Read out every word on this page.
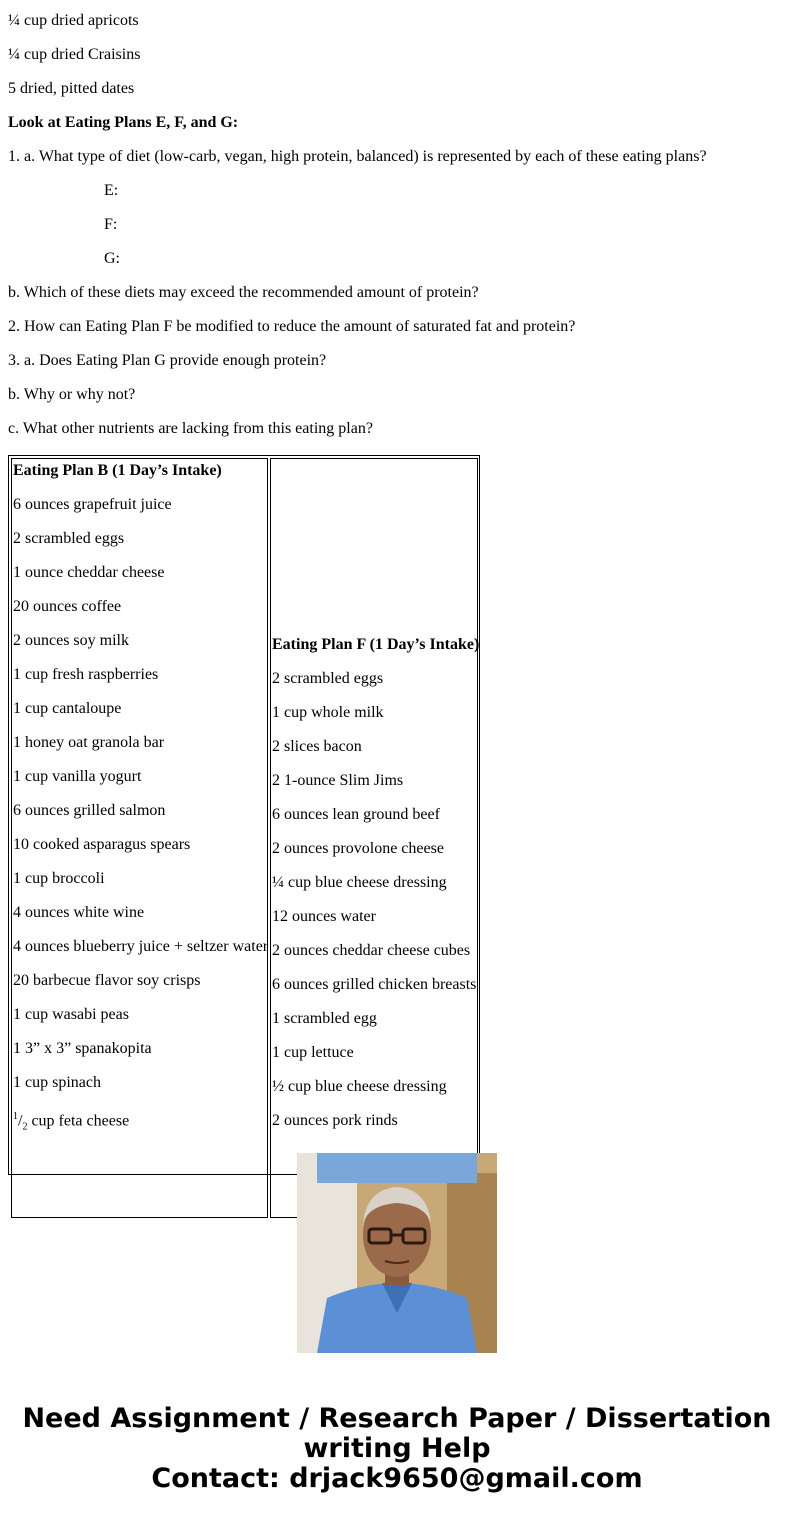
¼ cup dried apricots
¼ cup dried Craisins
5 dried, pitted dates
Look at Eating Plans E, F, and G:
1. a. What type of diet (low-carb, vegan, high protein, balanced) is represented by each of these eating plans?
E:
F:
G:
b. Which of these diets may exceed the recommended amount of protein?
2. How can Eating Plan F be modified to reduce the amount of saturated fat and protein?
3. a. Does Eating Plan G provide enough protein?
b. Why or why not?
c. What other nutrients are lacking from this eating plan?
Eating Plan B (1 Day’s Intake)
6 ounces grapefruit juice
2 scrambled eggs
1 ounce cheddar cheese
20 ounces coffee
2 ounces soy milk
1 cup fresh raspberries
1 cup cantaloupe
1 honey oat granola bar
1 cup vanilla yogurt
6 ounces grilled salmon
10 cooked asparagus spears
1 cup broccoli
4 ounces white wine
4 ounces blueberry juice + seltzer water
20 barbecue flavor soy crisps
1 cup wasabi peas
1 3” x 3” spanakopita
1 cup spinach
$^1/_2$ cup feta cheese
Eating Plan F (1 Day’s Intake)
2 scrambled eggs
1 cup whole milk
2 slices bacon
2 1-ounce Slim Jims
6 ounces lean ground beef
2 ounces provolone cheese
¼ cup blue cheese dressing
12 ounces water
2 ounces cheddar cheese cubes
6 ounces grilled chicken breasts
1 scrambled egg
1 cup lettuce
½ cup blue cheese dressing
2 ounces pork rinds
Need Assignment / Research Paper / Dissertation
writing Help
Contact: drjack9650@gmail.com
